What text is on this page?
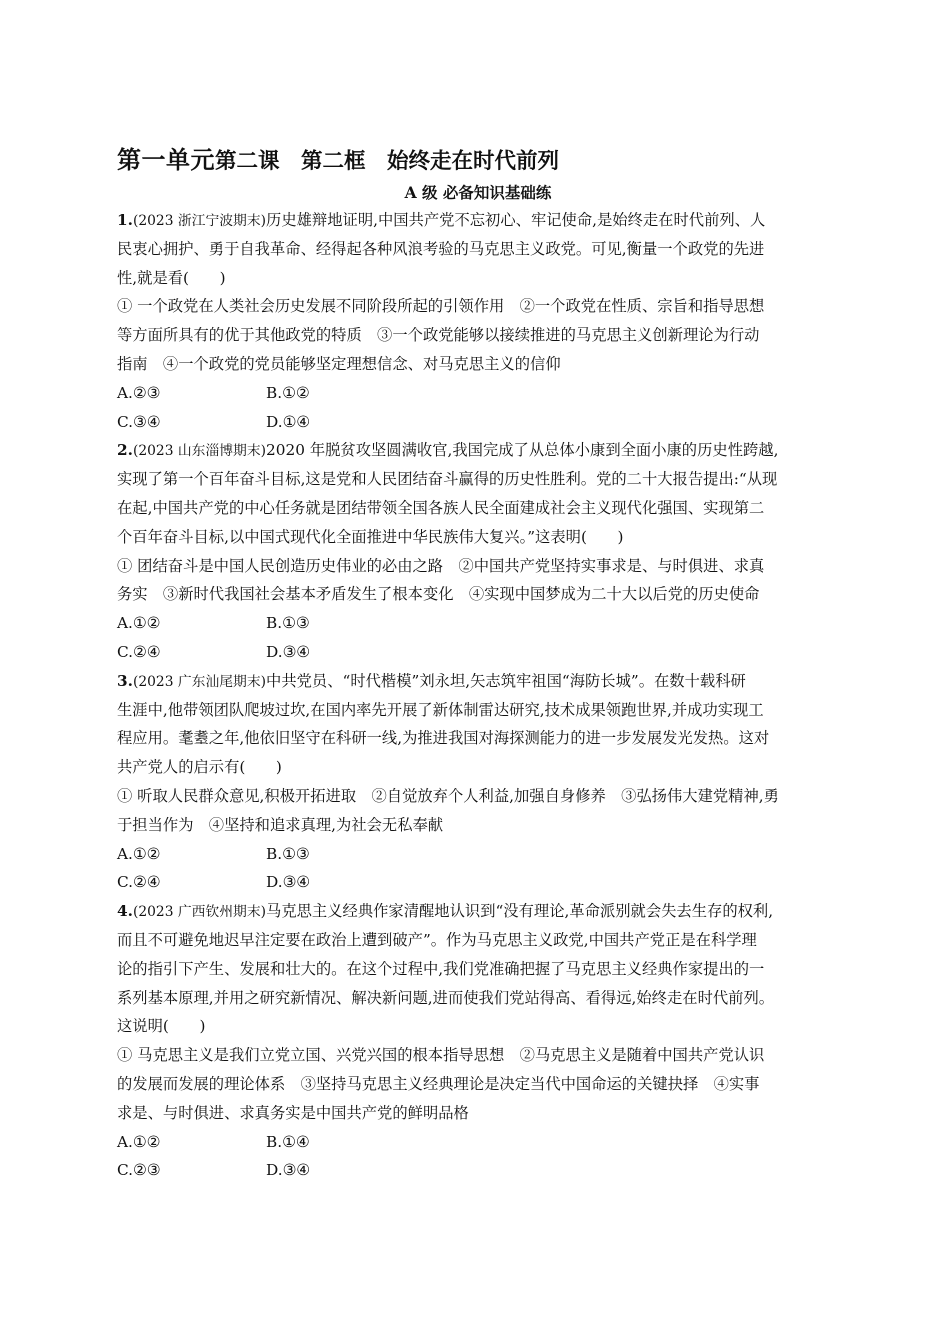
第一单元第二课　第二框　始终走在时代前列
A 级 必备知识基础练
1.(2023 浙江宁波期末)历史雄辩地证明,中国共产党不忘初心、牢记使命,是始终走在时代前列、人
民衷心拥护、勇于自我革命、经得起各种风浪考验的马克思主义政党。可见,衡量一个政党的先进
性,就是看(　　)
① 一个政党在人类社会历史发展不同阶段所起的引领作用　②一个政党在性质、宗旨和指导思想
等方面所具有的优于其他政党的特质　③一个政党能够以接续推进的马克思主义创新理论为行动
指南　④一个政党的党员能够坚定理想信念、对马克思主义的信仰
A.②③	B.①②
C.③④	D.①④
2.(2023 山东淄博期末)2020 年脱贫攻坚圆满收官,我国完成了从总体小康到全面小康的历史性跨越,
实现了第一个百年奋斗目标,这是党和人民团结奋斗赢得的历史性胜利。党的二十大报告提出:“从现
在起,中国共产党的中心任务就是团结带领全国各族人民全面建成社会主义现代化强国、实现第二
个百年奋斗目标,以中国式现代化全面推进中华民族伟大复兴。”这表明(　　)
① 团结奋斗是中国人民创造历史伟业的必由之路　②中国共产党坚持实事求是、与时俱进、求真
务实　③新时代我国社会基本矛盾发生了根本变化　④实现中国梦成为二十大以后党的历史使命
A.①②	B.①③
C.②④	D.③④
3.(2023 广东汕尾期末)中共党员、“时代楷模”刘永坦,矢志筑牢祖国“海防长城”。在数十载科研
生涯中,他带领团队爬坡过坎,在国内率先开展了新体制雷达研究,技术成果领跑世界,并成功实现工
程应用。耄耋之年,他依旧坚守在科研一线,为推进我国对海探测能力的进一步发展发光发热。这对
共产党人的启示有(　　)
① 听取人民群众意见,积极开拓进取　②自觉放弃个人利益,加强自身修养　③弘扬伟大建党精神,勇
于担当作为　④坚持和追求真理,为社会无私奉献
A.①②	B.①③
C.②④	D.③④
4.(2023 广西钦州期末)马克思主义经典作家清醒地认识到“没有理论,革命派别就会失去生存的权利,
而且不可避免地迟早注定要在政治上遭到破产”。作为马克思主义政党,中国共产党正是在科学理
论的指引下产生、发展和壮大的。在这个过程中,我们党准确把握了马克思主义经典作家提出的一
系列基本原理,并用之研究新情况、解决新问题,进而使我们党站得高、看得远,始终走在时代前列。
这说明(　　)
① 马克思主义是我们立党立国、兴党兴国的根本指导思想　②马克思主义是随着中国共产党认识
的发展而发展的理论体系　③坚持马克思主义经典理论是决定当代中国命运的关键抉择　④实事
求是、与时俱进、求真务实是中国共产党的鲜明品格
A.①②	B.①④
C.②③	D.③④
